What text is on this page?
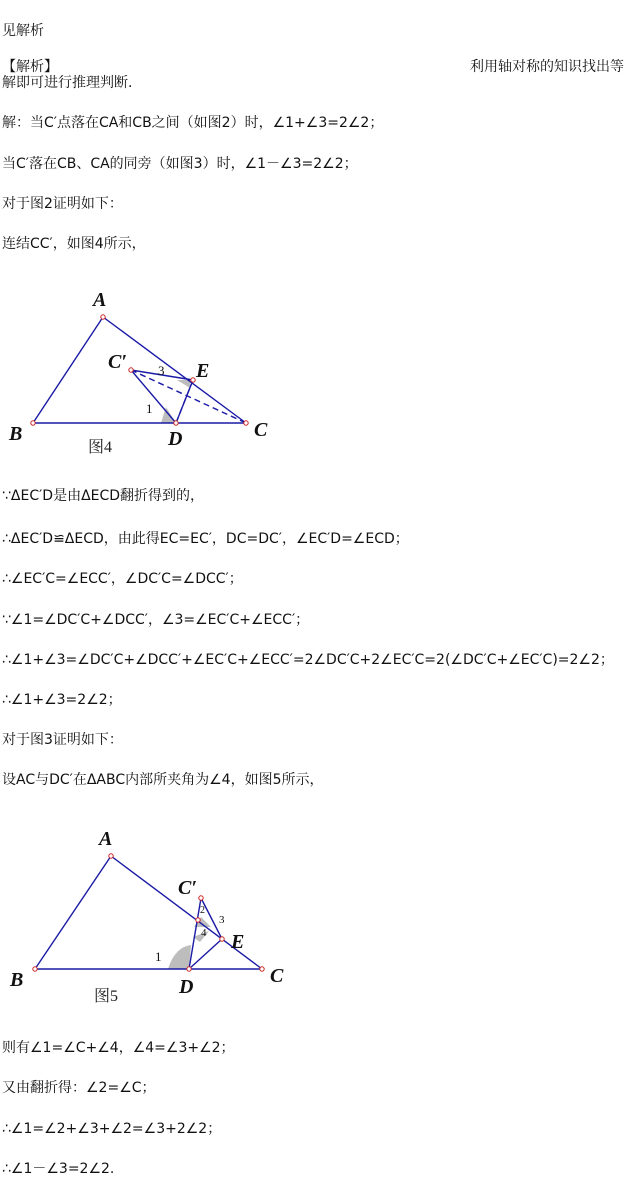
见解析
【解析】	利用轴对称的知识找出等
解即可进行推理判断.
解：当C′点落在CA和CB之间（如图2）时，∠1+∠3=2∠2；
当C′落在CB、CA的同旁（如图3）时，∠1－∠3=2∠2；
对于图2证明如下：
连结CC′，如图4所示，
A
B	C
D
E
C′
1
3
图4
∵ΔEC′D是由ΔECD翻折得到的，
∴ΔEC′D≌ΔECD，由此得EC=EC′，DC=DC′，∠EC′D=∠ECD；
∴∠EC′C=∠ECC′，∠DC′C=∠DCC′；
∵∠1=∠DC′C+∠DCC′，∠3=∠EC′C+∠ECC′；
∴∠1+∠3=∠DC′C+∠DCC′+∠EC′C+∠ECC′=2∠DC′C+2∠EC′C=2(∠DC′C+∠EC′C)=2∠2；
∴∠1+∠3=2∠2；
对于图3证明如下：
设AC与DC′在ΔABC内部所夹角为∠4，如图5所示，
A
B	C
D
E
C′
1
2
3
4
图5
则有∠1=∠C+∠4，∠4=∠3+∠2；
又由翻折得：∠2=∠C；
∴∠1=∠2+∠3+∠2=∠3+2∠2；
∴∠1－∠3=2∠2.
